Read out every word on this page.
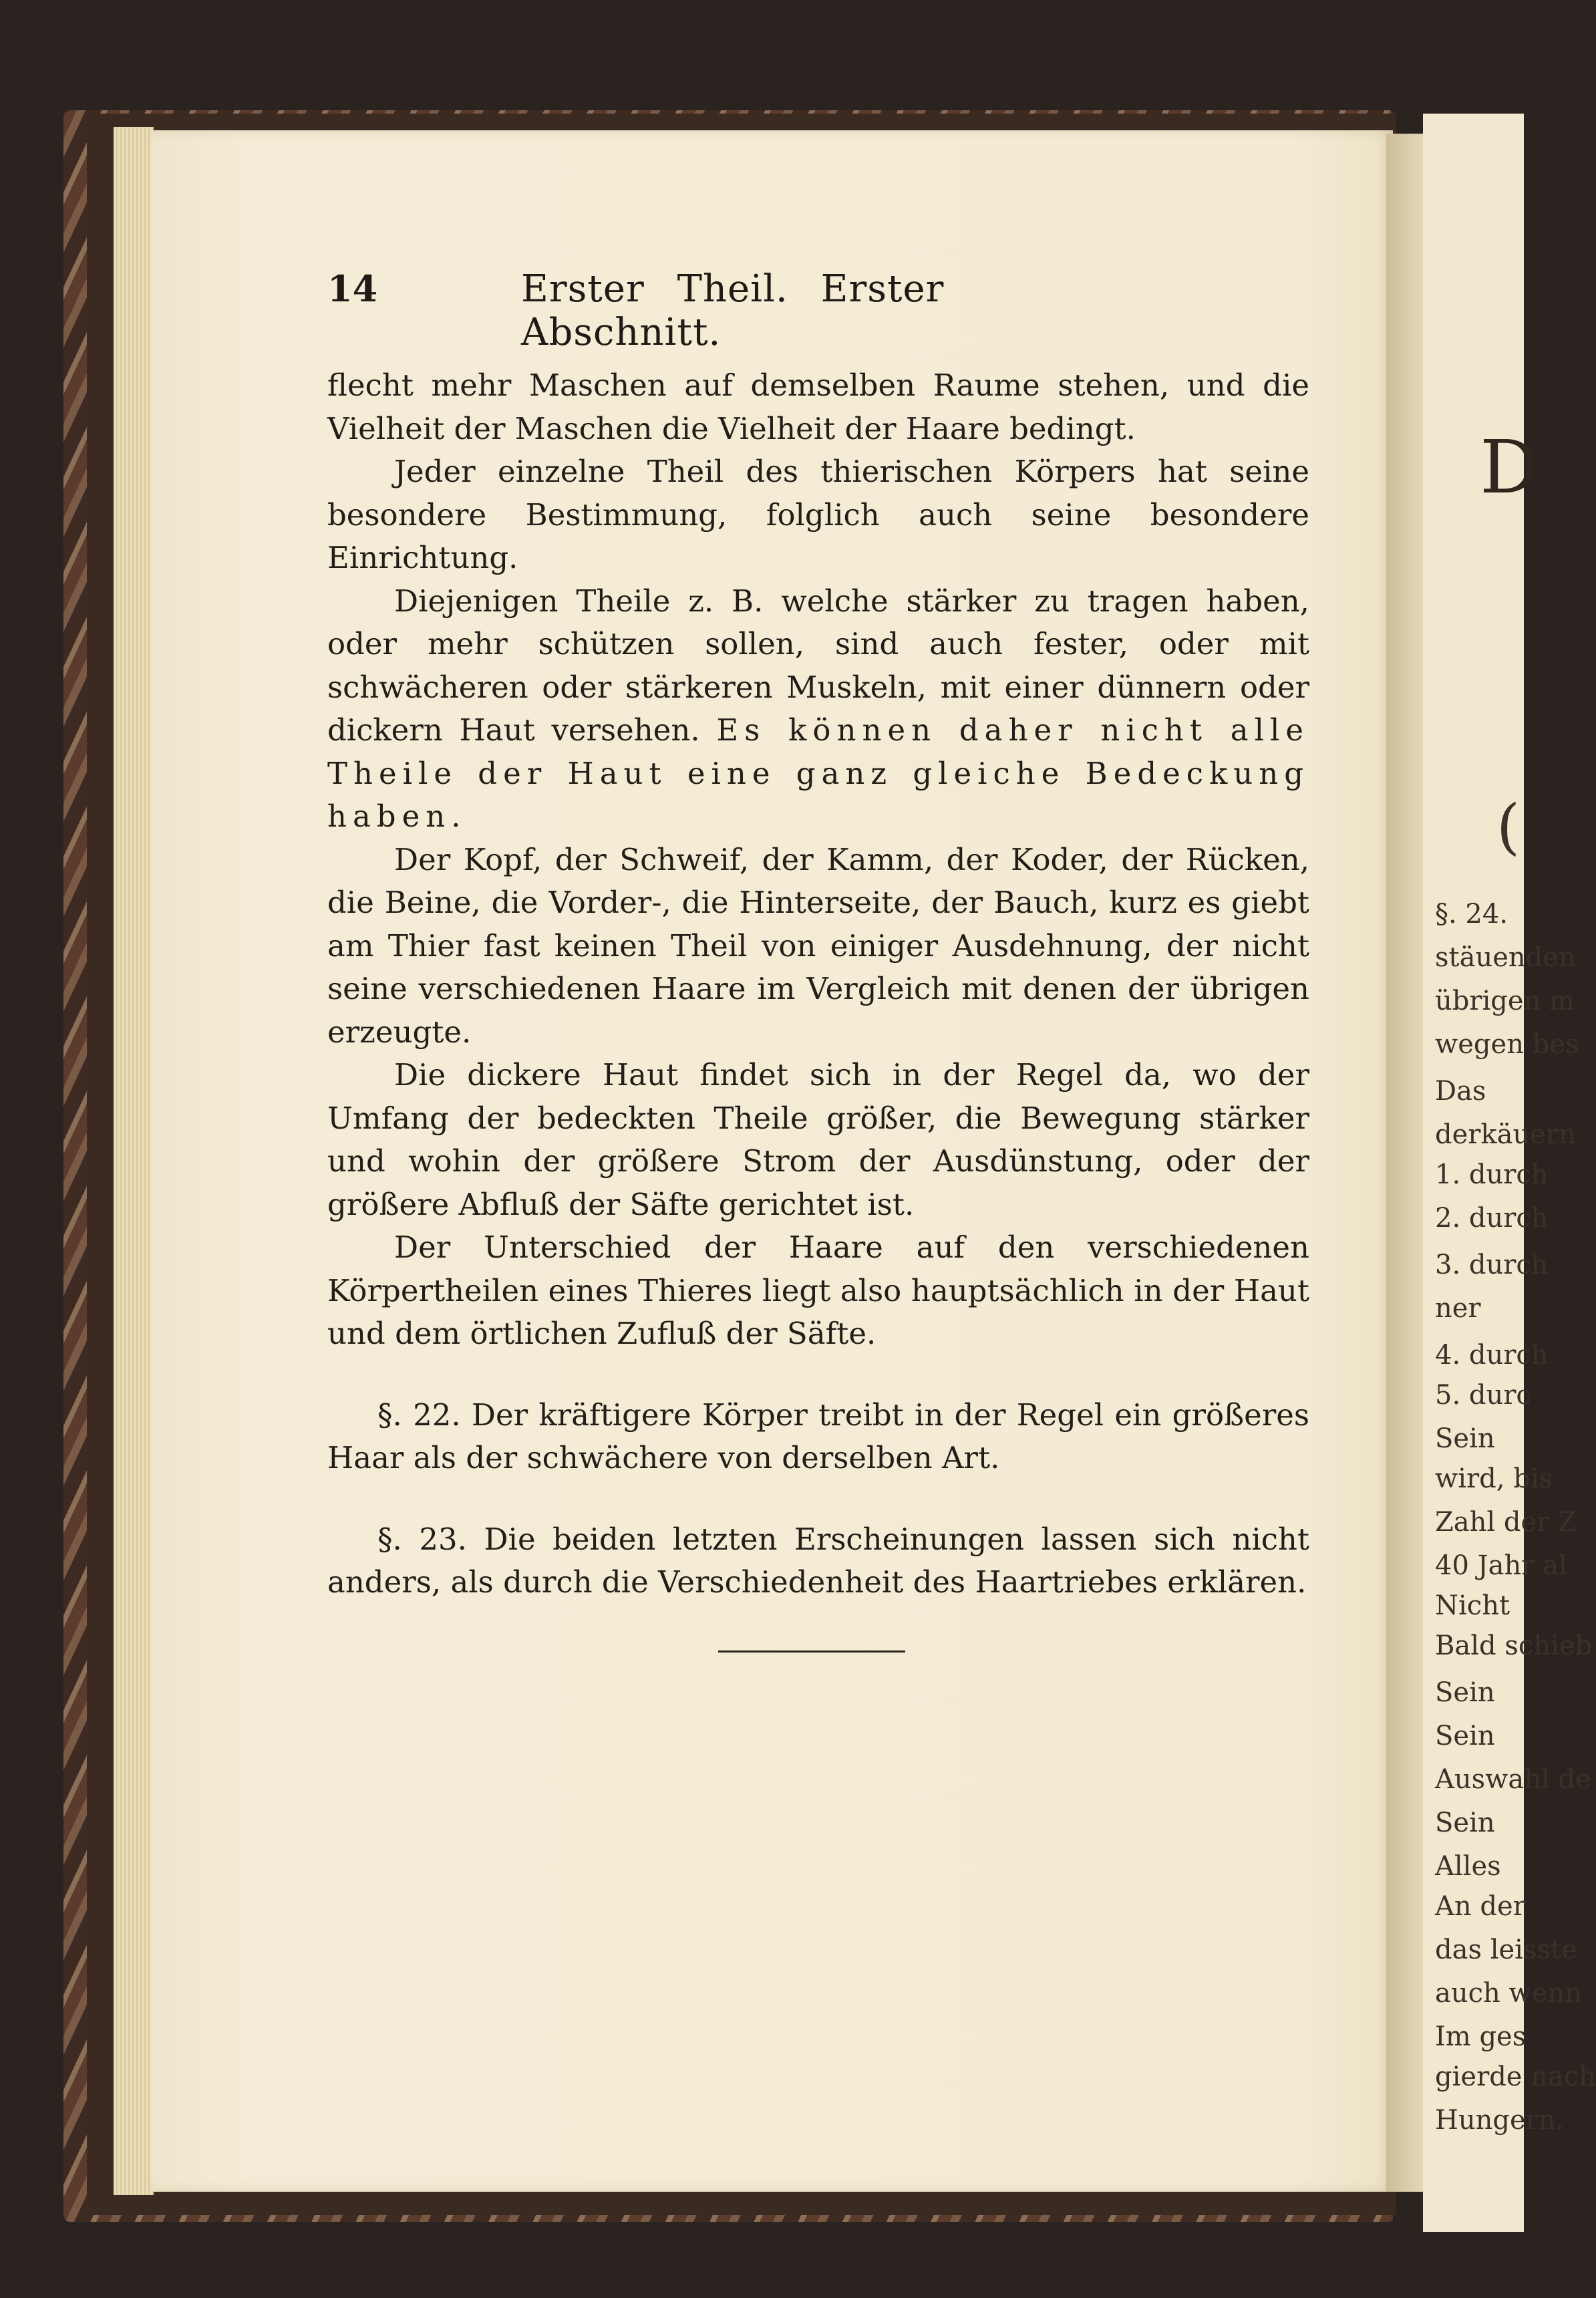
D
(
§. 24.
stäuenden
übrigen m
wegen bes
Das
derkäuern
1. durch
2. durch
3. durch
ner
4. durch
5. durc
Sein
wird, bis
Zahl der Z
40 Jahr al
Nicht
Bald schieb
Sein
Sein
Auswahl de
Sein
Alles
An der
das leisste
auch wenn
Im ges
gierde nach
Hungern.
14	Erster Theil. Erster Abschnitt.

flecht mehr Maschen auf demselben Raume stehen, und die Vielheit der Maschen die Vielheit der Haare bedingt.

Jeder einzelne Theil des thierischen Körpers hat seine besondere Bestimmung, folglich auch seine besondere Einrichtung.

Diejenigen Theile z. B. welche stärker zu tragen haben, oder mehr schützen sollen, sind auch fester, oder mit schwächeren oder stärkeren Muskeln, mit einer dünnern oder dickern Haut versehen. Es können daher nicht alle Theile der Haut eine ganz gleiche Bedeckung haben.

Der Kopf, der Schweif, der Kamm, der Koder, der Rücken, die Beine, die Vorder-, die Hinterseite, der Bauch, kurz es giebt am Thier fast keinen Theil von einiger Ausdehnung, der nicht seine verschiedenen Haare im Vergleich mit denen der übrigen erzeugte.

Die dickere Haut findet sich in der Regel da, wo der Umfang der bedeckten Theile größer, die Bewegung stärker und wohin der größere Strom der Ausdünstung, oder der größere Abfluß der Säfte gerichtet ist.

Der Unterschied der Haare auf den verschiedenen Körpertheilen eines Thieres liegt also hauptsächlich in der Haut und dem örtlichen Zufluß der Säfte.

§. 22. Der kräftigere Körper treibt in der Regel ein größeres Haar als der schwächere von derselben Art.

§. 23. Die beiden letzten Erscheinungen lassen sich nicht anders, als durch die Verschiedenheit des Haartriebes erklären.
